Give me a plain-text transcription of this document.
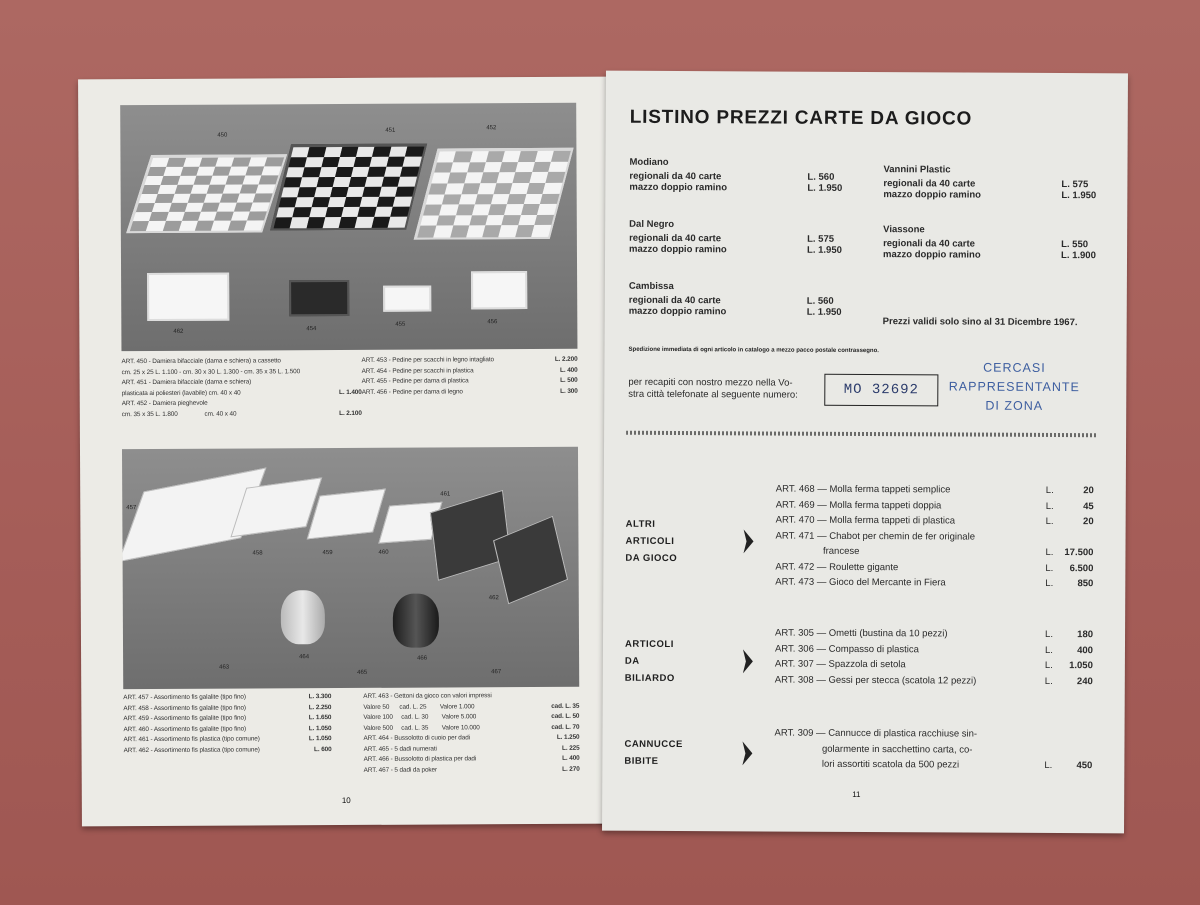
450
451	452
462	454
455	456
ART. 450 - Damiera bifacciale (dama e schiera) a cassetto
cm. 25 x 25 L. 1.100 - cm. 30 x 30 L. 1.300 - cm. 35 x 35 L. 1.500
ART. 451 - Damiera bifacciale (dama e schiera)
plasticata ai poliesteri (lavabile) cm. 40 x 40	L. 1.400
ART. 452 - Damiera pieghevole
cm. 35 x 35 L. 1.800                cm. 40 x 40	L. 2.100
ART. 453 - Pedine per scacchi in legno intagliato	L. 2.200
ART. 454 - Pedine per scacchi in plastica	L. 400
ART. 455 - Pedine per dama di plastica	L. 500
ART. 456 - Pedine per dama di legno	L. 300
457
458	459	460
461
462
463
464
465
466
467
ART. 457 - Assortimento fis galalite (tipo fino)	L. 3.300
ART. 458 - Assortimento fis galalite (tipo fino)	L. 2.250
ART. 459 - Assortimento fis galalite (tipo fino)	L. 1.650
ART. 460 - Assortimento fis galalite (tipo fino)	L. 1.050
ART. 461 - Assortimento fis plastica (tipo comune)	L. 1.050
ART. 462 - Assortimento fis plastica (tipo comune)	L. 600
ART. 463 - Gettoni da gioco con valori impressi
Valore 50      cad. L. 25        Valore 1.000	cad. L. 35
Valore 100     cad. L. 30        Valore 5.000	cad. L. 50
Valore 500     cad. L. 35        Valore 10.000	cad. L. 70
ART. 464 - Bussolotto di cuoio per dadi	L. 1.250
ART. 465 - 5 dadi numerati	L. 225
ART. 466 - Bussolotto di plastica per dadi	L. 400
ART. 467 - 5 dadi da poker	L. 270
10
LISTINO PREZZI CARTE DA GIOCO
Modiano
regionali da 40 carte	L. 560
mazzo doppio ramino	L. 1.950
Vannini Plastic
regionali da 40 carte	L. 575
mazzo doppio ramino	L. 1.950
Dal Negro
regionali da 40 carte	L. 575
mazzo doppio ramino	L. 1.950
Viassone
regionali da 40 carte	L. 550
mazzo doppio ramino	L. 1.900
Cambissa
regionali da 40 carte	L. 560
mazzo doppio ramino	L. 1.950
Prezzi validi solo sino al 31 Dicembre 1967.
Spedizione immediata di ogni articolo in catalogo a mezzo pacco postale contrassegno.
per recapiti con nostro mezzo nella Vo-
stra città telefonate al seguente numero:	MO 32692
CERCASI
RAPPRESENTANTE
DI ZONA
ALTRI
ARTICOLI
DA GIOCO
ART. 468 — Molla ferma tappeti semplice	L.	20
ART. 469 — Molla ferma tappeti doppia	L.	45
ART. 470 — Molla ferma tappeti di plastica	L.	20
ART. 471 — Chabot per chemin de fer originale
francese	L. 17.500
ART. 472 — Roulette gigante	L. 6.500
ART. 473 — Gioco del Mercante in Fiera	L.	850
ARTICOLI
DA
BILIARDO
ART. 305 — Ometti (bustina da 10 pezzi)	L.	180
ART. 306 — Compasso di plastica	L.	400
ART. 307 — Spazzola di setola	L. 1.050
ART. 308 — Gessi per stecca (scatola 12 pezzi)	L.	240
CANNUCCE
BIBITE
ART. 309 — Cannucce di plastica racchiuse sin-
golarmente in sacchettino carta, co-
lori assortiti scatola da 500 pezzi	L.	450
11
